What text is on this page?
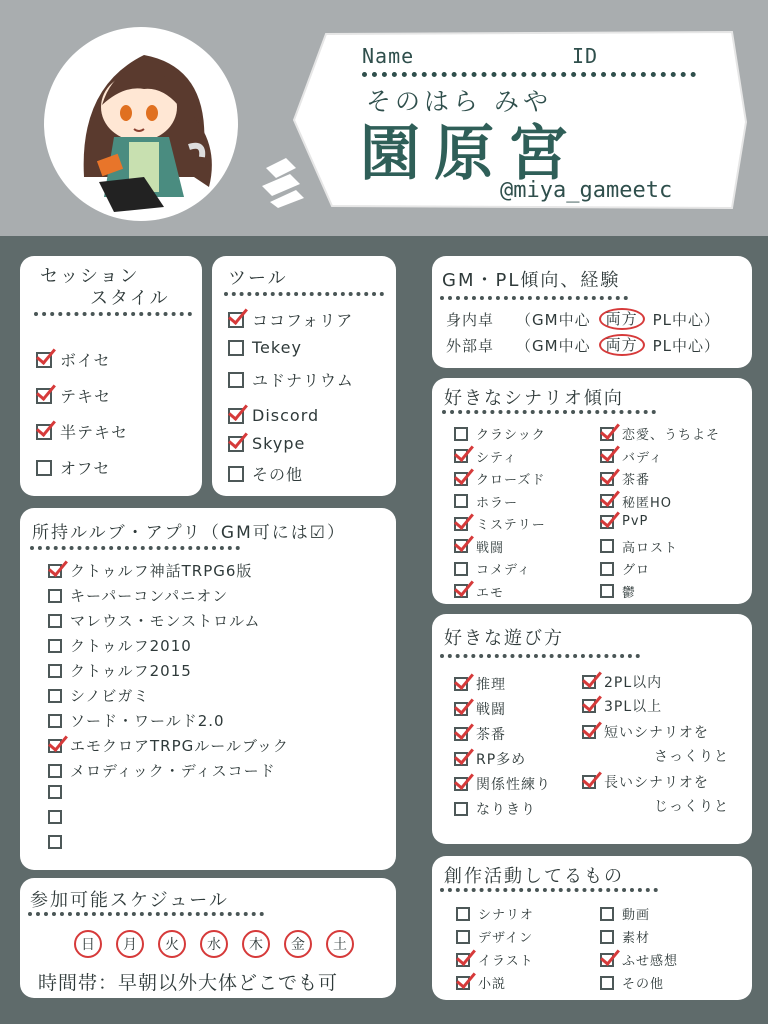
Name	ID
そのはら みや
園原宮
@miya_gameetc
セッション
スタイル
ボイセ
テキセ
半テキセ
オフセ
ツール
ココフォリア
Tekey
ユドナリウム
Discord
Skype
その他
所持ルルブ・アプリ（GM可には☑）
クトゥルフ神話TRPG6版
キーパーコンパニオン
マレウス・モンストロルム
クトゥルフ2010
クトゥルフ2015
シノビガミ
ソード・ワールド2.0
エモクロアTRPGルールブック
メロディック・ディスコード
参加可能スケジュール
日	月	火	水	木	金	土
時間帯：早朝以外大体どこでも可
GM・PL傾向、経験
身内卓 （GM中心	両方	PL中心）
外部卓 （GM中心	両方	PL中心）
好きなシナリオ傾向
クラシック
シティ
クローズド
ホラー
ミステリー
戦闘
コメディ
エモ
恋愛、うちよそ
バディ
茶番
秘匿HO
PvP
高ロスト
グロ
鬱
好きな遊び方
推理
戦闘
茶番
RP多め
関係性練り
なりきり
2PL以内
3PL以上
短いシナリオを
さっくりと
長いシナリオを
じっくりと
創作活動してるもの
シナリオ
デザイン
イラスト
小説
動画
素材
ふせ感想
その他
